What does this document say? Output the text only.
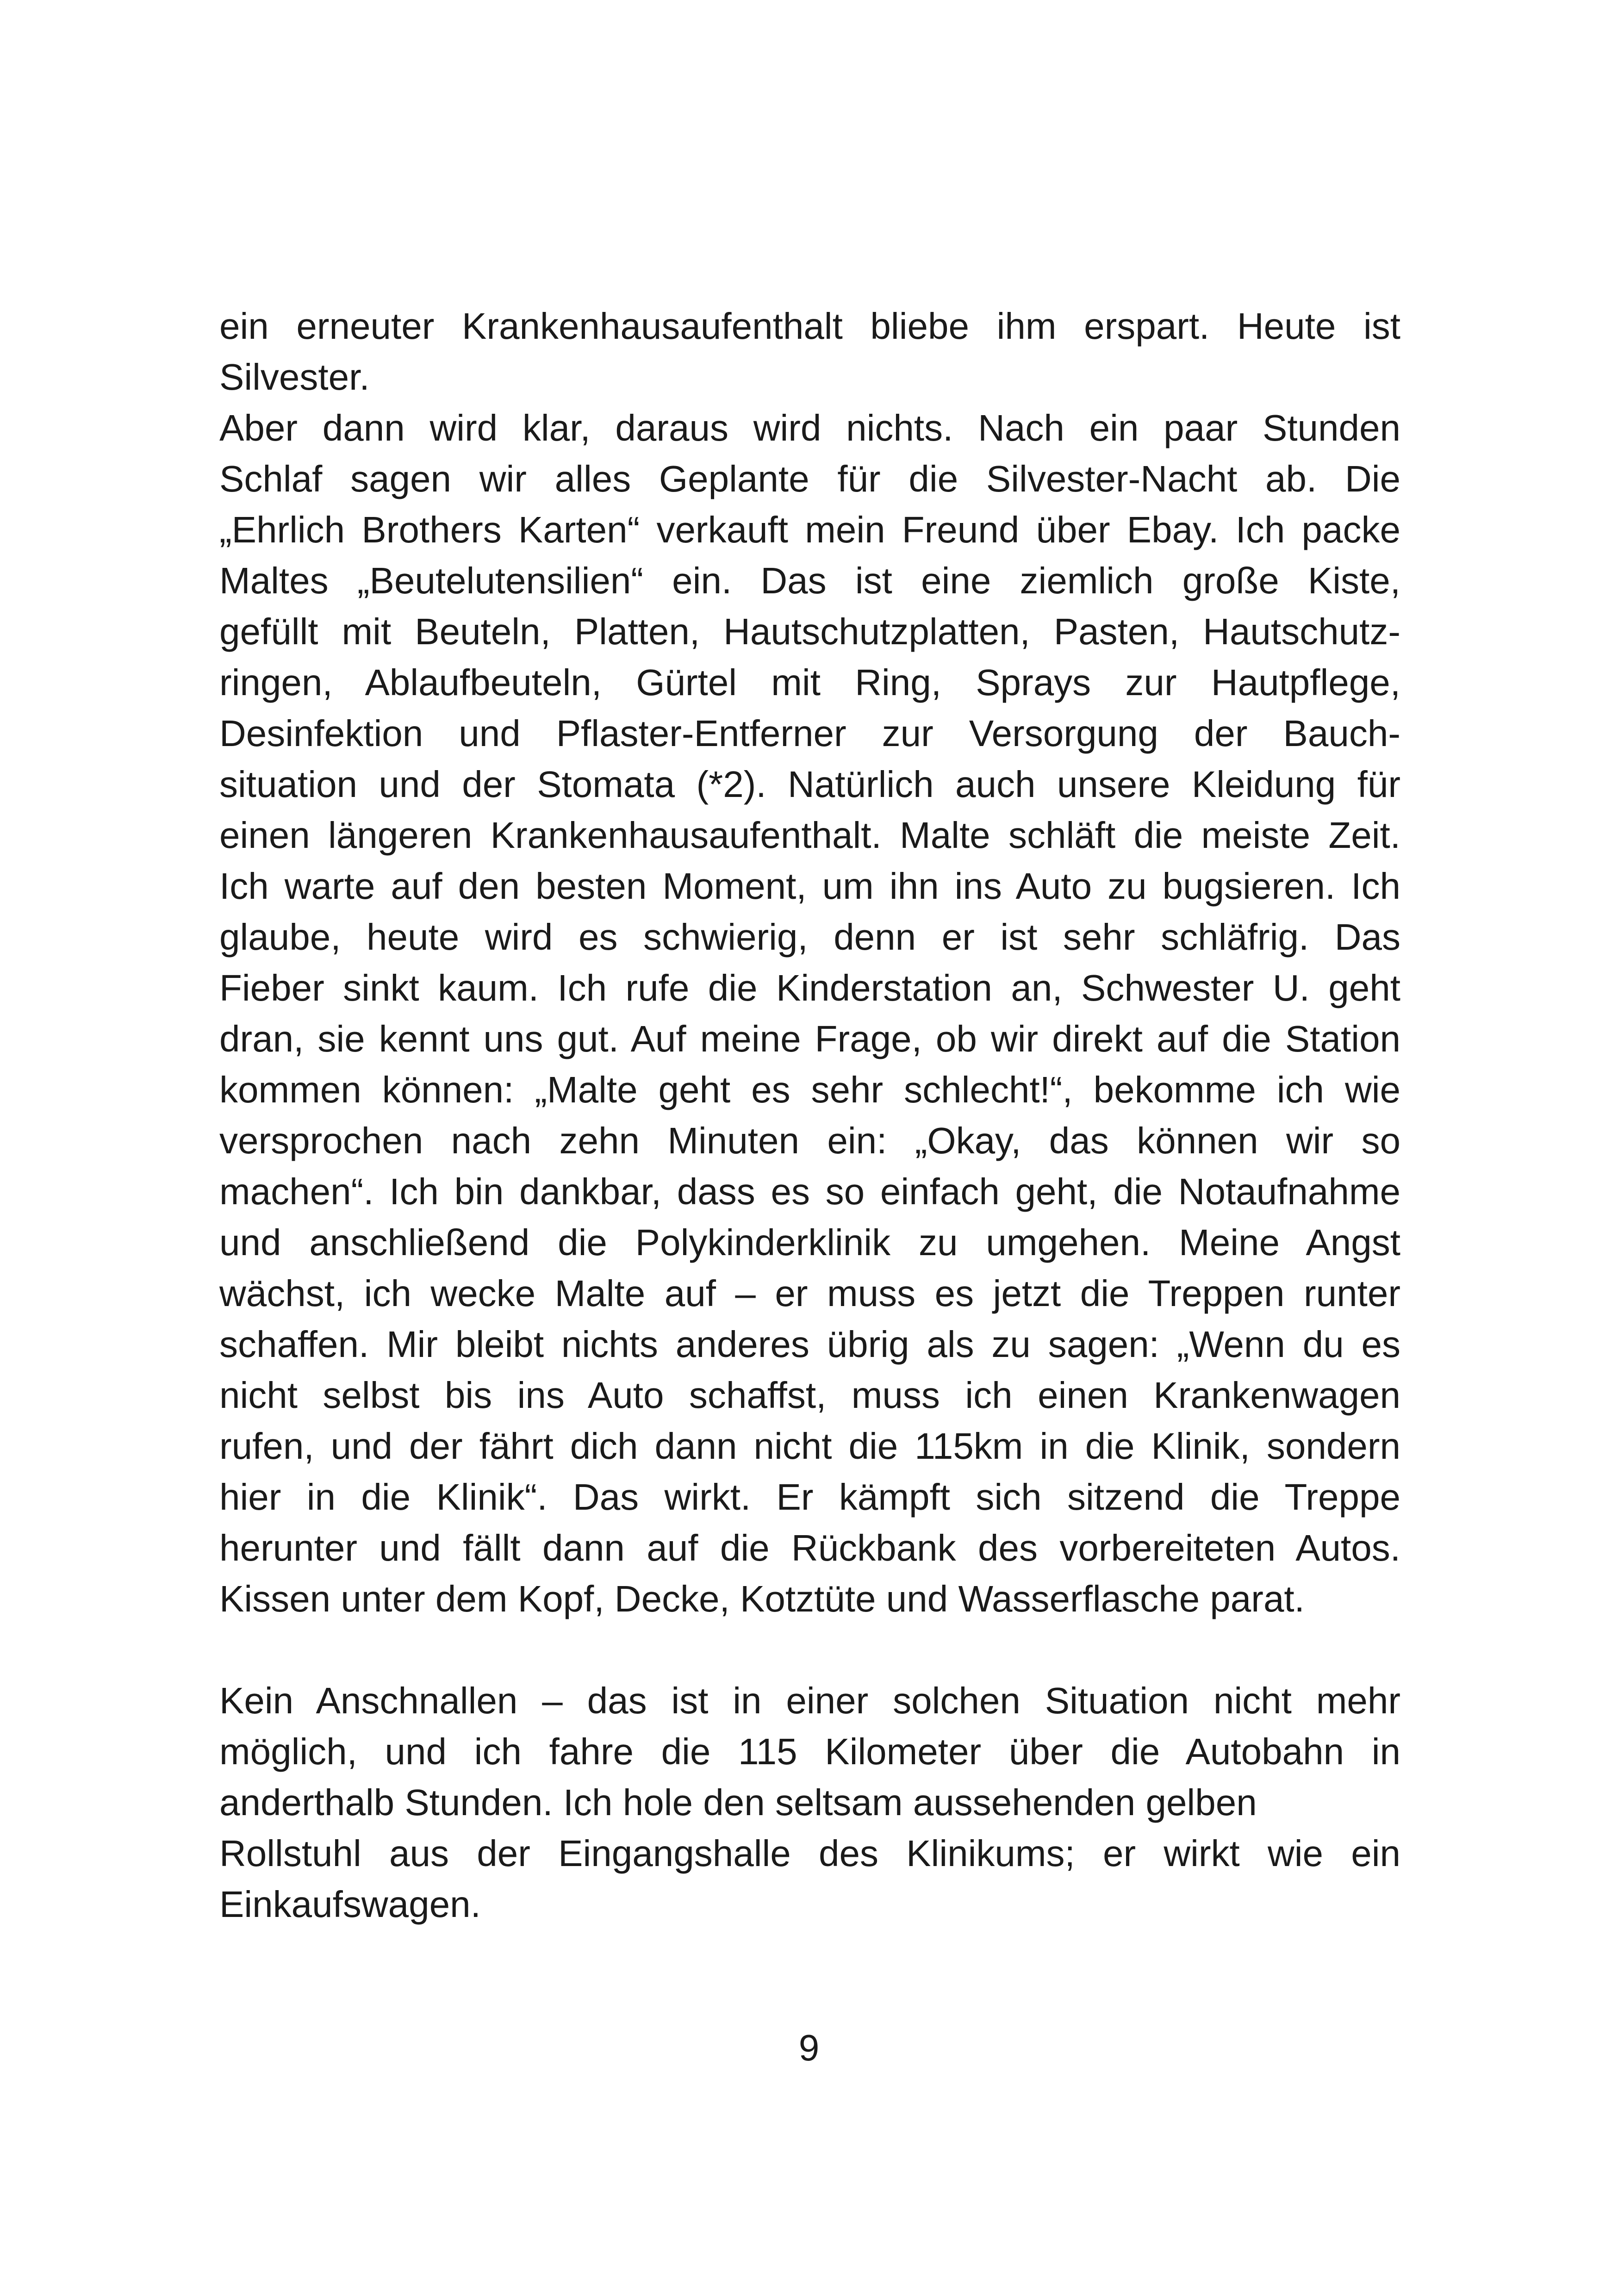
ein erneuter Krankenhausaufenthalt bliebe ihm erspart. Heute ist
Silvester.
Aber dann wird klar, daraus wird nichts. Nach ein paar Stunden
Schlaf sagen wir alles Geplante für die Silvester-Nacht ab. Die
„Ehrlich Brothers Karten“ verkauft mein Freund über Ebay. Ich packe
Maltes „Beutelutensilien“ ein. Das ist eine ziemlich große Kiste,
gefüllt mit Beuteln, Platten, Hautschutzplatten, Pasten, Hautschutz-
ringen, Ablaufbeuteln, Gürtel mit Ring, Sprays zur Hautpflege,
Desinfektion und Pflaster-Entferner zur Versorgung der Bauch-
situation und der Stomata (*2). Natürlich auch unsere Kleidung für
einen längeren Krankenhausaufenthalt. Malte schläft die meiste Zeit.
Ich warte auf den besten Moment, um ihn ins Auto zu bugsieren. Ich
glaube, heute wird es schwierig, denn er ist sehr schläfrig. Das
Fieber sinkt kaum. Ich rufe die Kinderstation an, Schwester U. geht
dran, sie kennt uns gut. Auf meine Frage, ob wir direkt auf die Station
kommen können: „Malte geht es sehr schlecht!“, bekomme ich wie
versprochen nach zehn Minuten ein: „Okay, das können wir so
machen“. Ich bin dankbar, dass es so einfach geht, die Notaufnahme
und anschließend die Polykinderklinik zu umgehen. Meine Angst
wächst, ich wecke Malte auf – er muss es jetzt die Treppen runter
schaffen. Mir bleibt nichts anderes übrig als zu sagen: „Wenn du es
nicht selbst bis ins Auto schaffst, muss ich einen Krankenwagen
rufen, und der fährt dich dann nicht die 115km in die Klinik, sondern
hier in die Klinik“. Das wirkt. Er kämpft sich sitzend die Treppe
herunter und fällt dann auf die Rückbank des vorbereiteten Autos.
Kissen unter dem Kopf, Decke, Kotztüte und Wasserflasche parat.
Kein Anschnallen – das ist in einer solchen Situation nicht mehr
möglich, und ich fahre die 115 Kilometer über die Autobahn in
anderthalb Stunden. Ich hole den seltsam aussehenden gelben
Rollstuhl aus der Eingangshalle des Klinikums; er wirkt wie ein
Einkaufswagen.
9
